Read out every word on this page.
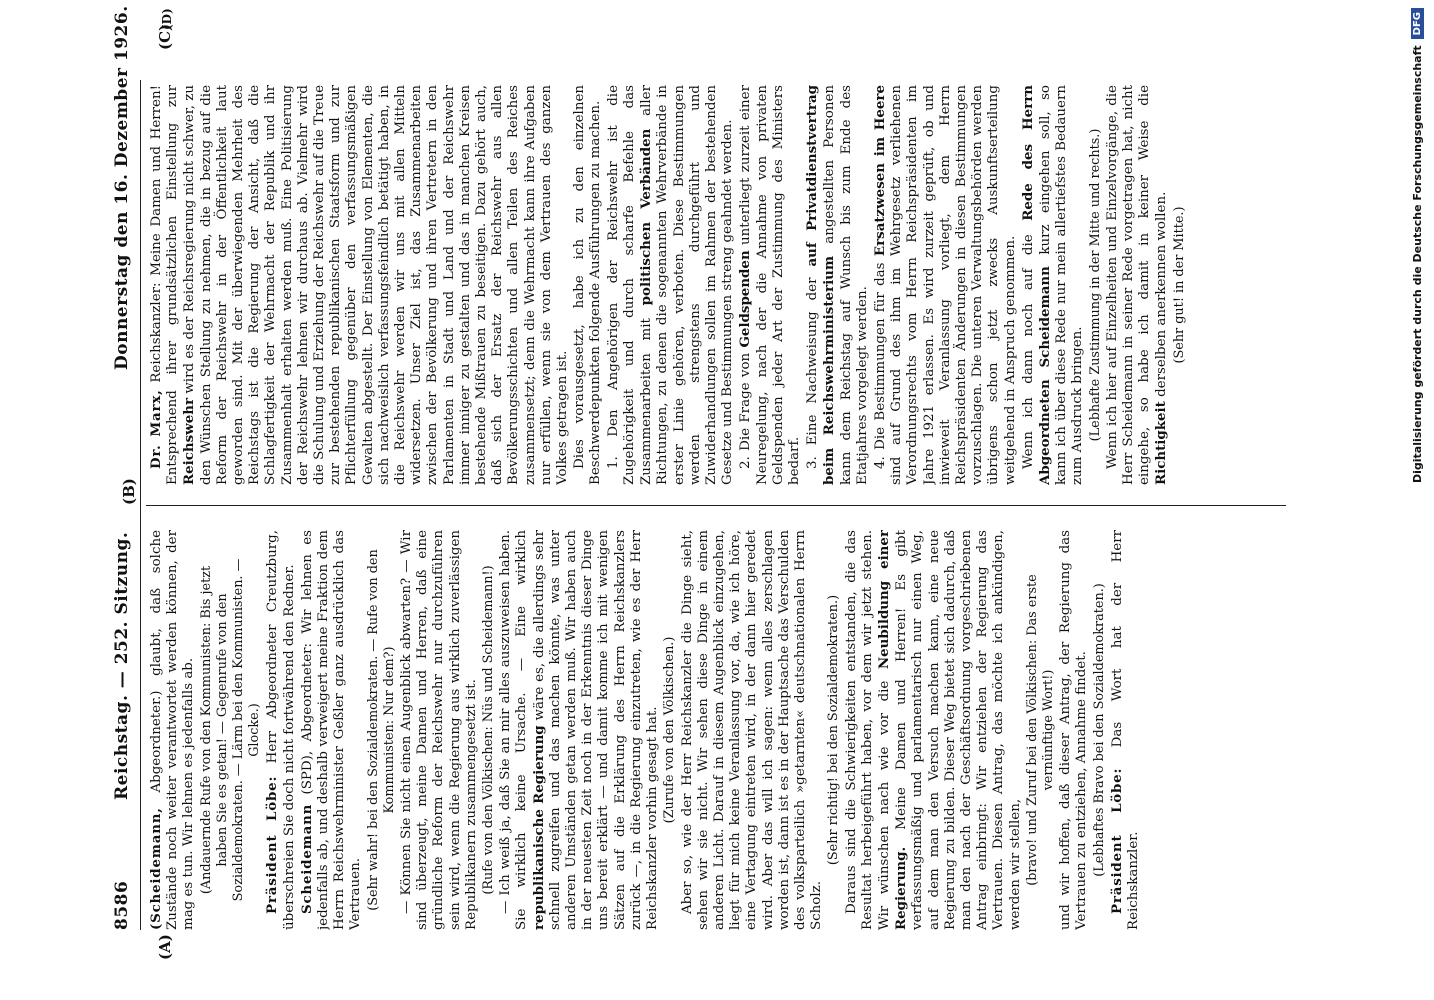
8586
Reichstag. — 252. Sitzung.
Donnerstag den 16. Dezember 1926.
(A)
(B)
(C)
(D)

(Scheidemann, Abgeordneter.) glaubt, daß solche Zustände noch weiter verantwortet werden können, der mag es tun. Wir lehnen es jedenfalls ab. (Andauernde Rufe von den Kommunisten: Bis jetzt haben Sie es getan! — Gegenrufe von den Sozialdemokraten. — Lärm bei den Kommunisten. — Glocke.)

Präsident Löbe: Herr Abgeordneter Creutzburg, überschreien Sie doch nicht fortwährend den Redner. Scheidemann (SPD), Abgeordneter: Wir lehnen es jedenfalls ab, und deshalb verweigert meine Fraktion dem Herrn Reichswehrminister Geßler ganz ausdrücklich das Vertrauen. (Sehr wahr! bei den Sozialdemokraten. — Rufe von den Kommunisten: Nur dem?) — Können Sie nicht einen Augenblick abwarten? — Wir sind überzeugt, meine Damen und Herren, daß eine gründliche Reform der Reichswehr nur durchzuführen sein wird, wenn die Regierung aus wirklich zuverlässigen Republikanern zusammengesetzt ist. (Rufe von den Völkischen: Nüs und Scheidemann!) — Ich weiß ja, daß Sie an mir alles auszuweisen haben. Sie wirklich keine Ursache. — Eine wirklich republikanische Regierung wäre es, die allerdings sehr schnell zugreifen und das machen könnte, was unter anderen Umständen getan werden muß. Wir haben auch in der neuesten Zeit noch in der Erkenntnis dieser Dinge uns bereit erklärt — und damit komme ich mit wenigen Sätzen auf die Erklärung des Herrn Reichskanzlers zurück —, in die Regierung einzutreten, wie es der Herr Reichskanzler vorhin gesagt hat. (Zurufe von den Völkischen.) Aber so, wie der Herr Reichskanzler die Dinge sieht, sehen wir sie nicht. Wir sehen diese Dinge in einem anderen Licht. Darauf in diesem Augenblick einzugehen, liegt für mich keine Veranlassung vor, da, wie ich höre, eine Vertagung eintreten wird, in der dann hier geredet wird. Aber das will ich sagen: wenn alles zerschlagen worden ist, dann ist es in der Hauptsache das Verschulden des volksparteilich »getarnten« deutschnationalen Herrn Scholz.

(Sehr richtig! bei den Sozialdemokraten.) Daraus sind die Schwierigkeiten entstanden, die das Resultat herbeigeführt haben, vor dem wir jetzt stehen. Wir wünschen nach wie vor die Neubildung einer Regierung. Meine Damen und Herren! Es gibt verfassungsmäßig und parlamentarisch nur einen Weg, auf dem man den Versuch machen kann, eine neue Regierung zu bilden. Dieser Weg bietet sich dadurch, daß man den nach der Geschäftsordnung vorgeschriebenen Antrag einbringt: Wir entziehen der Regierung das Vertrauen. Diesen Antrag, das möchte ich ankündigen, werden wir stellen, (bravo! und Zuruf bei den Völkischen: Das erste vernünftige Wort!) und wir hoffen, daß dieser Antrag, der Regierung das Vertrauen zu entziehen, Annahme findet. (Lebhaftes Bravo bei den Sozialdemokraten.) Präsident Löbe: Das Wort hat der Herr Reichskanzler.

Dr. Marx, Reichskanzler: Meine Damen und Herren! Entsprechend ihrer grundsätzlichen Einstellung zur Reichswehr wird es der Reichsregierung nicht schwer, zu den Wünschen Stellung zu nehmen, die in bezug auf die Reform der Reichswehr in der Öffentlichkeit laut geworden sind. Mit der überwiegenden Mehrheit des Reichstags ist die Regierung der Ansicht, daß die Schlagfertigkeit der Wehrmacht der Republik und ihr Zusammenhalt erhalten werden muß. Eine Politisierung der Reichswehr lehnen wir durchaus ab. Vielmehr wird die Schulung und Erziehung der Reichswehr auf die Treue zur bestehenden republikanischen Staatsform und zur Pflichterfüllung gegenüber den verfassungsmäßigen Gewalten abgestellt. Der Einstellung von Elementen, die sich nachweislich verfassungsfeindlich betätigt haben, in die Reichswehr werden wir uns mit allen Mitteln widersetzen. Unser Ziel ist, das Zusammenarbeiten zwischen der Bevölkerung und ihren Vertretern in den Parlamenten in Stadt und Land und der Reichswehr immer inniger zu gestalten und das in manchen Kreisen bestehende Mißtrauen zu beseitigen. Dazu gehört auch, daß sich der Ersatz der Reichswehr aus allen Bevölkerungsschichten und allen Teilen des Reiches zusammensetzt; denn die Wehrmacht kann ihre Aufgaben nur erfüllen, wenn sie von dem Vertrauen des ganzen Volkes getragen ist. Dies vorausgesetzt, habe ich zu den einzelnen Beschwerdepunkten folgende Ausführungen zu machen. 1. Den Angehörigen der Reichswehr ist die Zugehörigkeit und durch scharfe Befehle das Zusammenarbeiten mit politischen Verbänden aller Richtungen, zu denen die sogenannten Wehrverbände in erster Linie gehören, verboten. Diese Bestimmungen werden strengstens durchgeführt und Zuwiderhandlungen sollen im Rahmen der bestehenden Gesetze und Bestimmungen streng geahndet werden. 2. Die Frage von Geldspenden unterliegt zurzeit einer Neuregelung, nach der die Annahme von privaten Geldspenden jeder Art der Zustimmung des Ministers bedarf. 3. Eine Nachweisung der auf Privatdienstvertrag beim Reichswehrministerium angestellten Personen kann dem Reichstag auf Wunsch bis zum Ende des Etatjahres vorgelegt werden. 4. Die Bestimmungen für das Ersatzwesen im Heere sind auf Grund des ihm im Wehrgesetz verliehenen Verordnungsrechts vom Herrn Reichspräsidenten im Jahre 1921 erlassen. Es wird zurzeit geprüft, ob und inwieweit Veranlassung vorliegt, dem Herrn Reichspräsidenten Änderungen in diesen Bestimmungen vorzuschlagen. Die unteren Verwaltungsbehörden werden übrigens schon jetzt zwecks Auskunftserteilung weitgehend in Anspruch genommen. Wenn ich dann noch auf die Rede des Herrn Abgeordneten Scheidemann kurz eingehen soll, so kann ich über diese Rede nur mein allertiefstes Bedauern zum Ausdruck bringen. (Lebhafte Zustimmung in der Mitte und rechts.) Wenn ich hier auf Einzelheiten und Einzelvorgänge, die Herr Scheidemann in seiner Rede vorgetragen hat, nicht eingehe, so habe ich damit in keiner Weise die Richtigkeit derselben anerkennen wollen. (Sehr gut! in der Mitte.)	Digitalisierung gefördert durch die Deutsche Forschungsgemeinschaft
DFG
